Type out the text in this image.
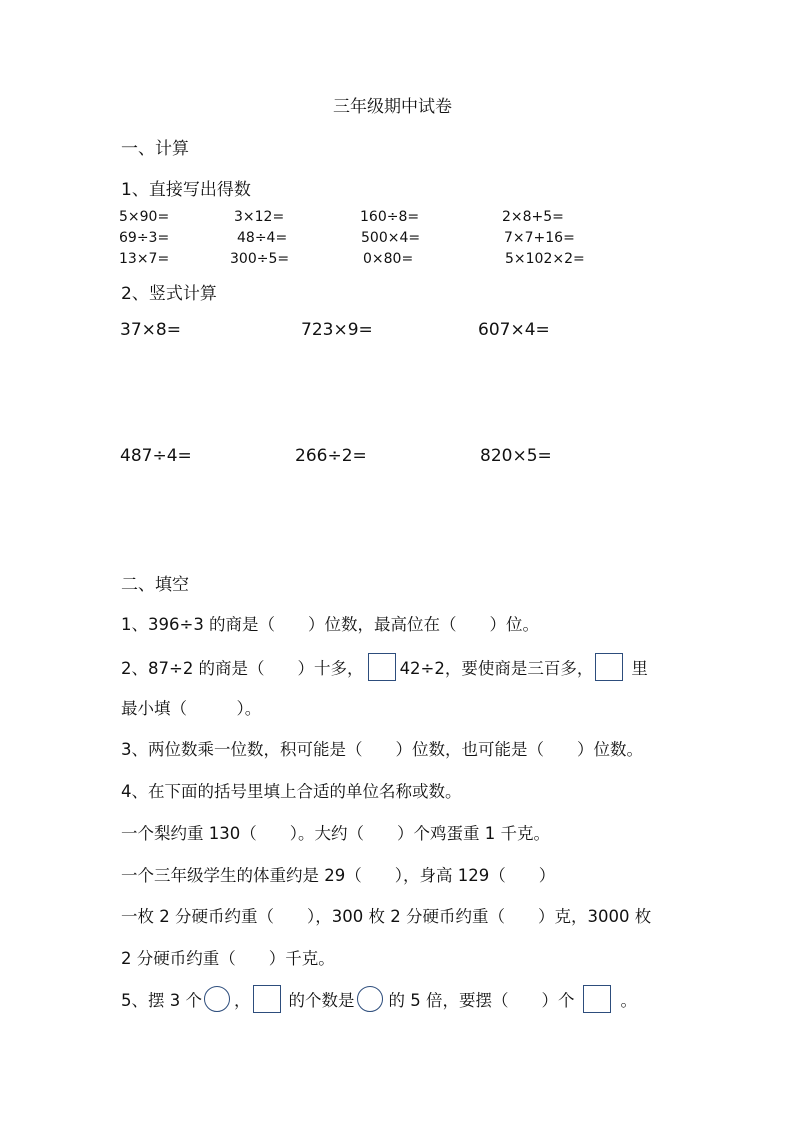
三年级期中试卷
一、计算
1、直接写出得数
5×90=	3×12=	160÷8=	2×8+5=
69÷3=	48÷4=	500×4=	7×7+16=
13×7=	300÷5=	0×80=	5×102×2=
2、竖式计算
37×8=	723×9=	607×4=
487÷4=	266÷2=	820×5=
二、填空
1、396÷3 的商是（　　）位数，最高位在（　　）位。
2、87÷2 的商是（　　）十多， 42÷2，要使商是三百多， 里
最小填（　　　）。
3、两位数乘一位数，积可能是（　　）位数，也可能是（　　）位数。
4、在下面的括号里填上合适的单位名称或数。
一个梨约重 130（　　）。大约（　　）个鸡蛋重 1 千克。
一个三年级学生的体重约是 29（　　），身高 129（　　）
一枚 2 分硬币约重（　　），300 枚 2 分硬币约重（　　）克，3000 枚
2 分硬币约重（　　）千克。
5、摆 3 个 ， 的个数是 的 5 倍，要摆（　　）个	。
